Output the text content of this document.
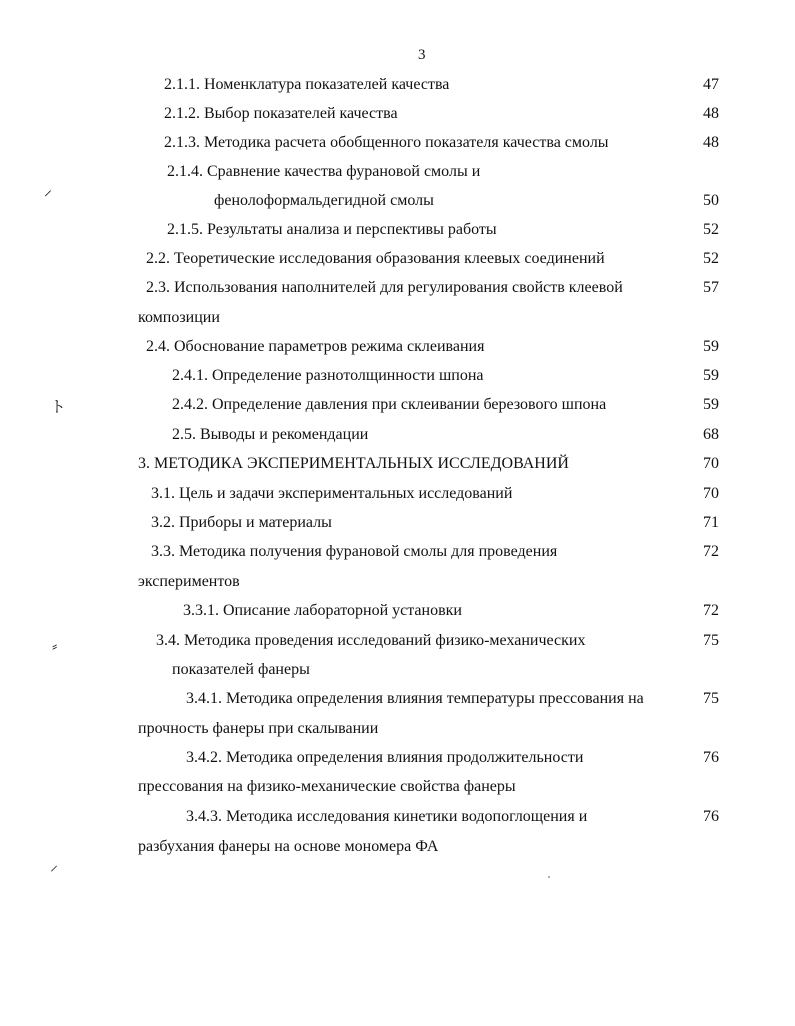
3
2.1.1. Номенклатура показателей качества	47
2.1.2. Выбор показателей качества	48
2.1.3. Методика расчета обобщенного показателя качества смолы	48
2.1.4. Сравнение качества фурановой смолы и
фенолоформальдегидной смолы	50
2.1.5. Результаты анализа и перспективы работы	52
2.2. Теоретические исследования образования клеевых соединений	52
2.3. Использования наполнителей для регулирования свойств клеевой	57
композиции
2.4. Обоснование параметров режима склеивания	59
2.4.1. Определение разнотолщинности шпона	59
2.4.2. Определение давления при склеивании березового шпона	59
2.5. Выводы и рекомендации	68
3. МЕТОДИКА ЭКСПЕРИМЕНТАЛЬНЫХ ИССЛЕДОВАНИЙ	70
3.1. Цель и задачи экспериментальных исследований	70
3.2. Приборы и материалы	71
3.3. Методика получения фурановой смолы для проведения	72
экспериментов
3.3.1. Описание лабораторной установки	72
3.4. Методика проведения исследований физико-механических	75
показателей фанеры
3.4.1. Методика определения влияния температуры прессования на	75
прочность фанеры при скалывании
3.4.2. Методика определения влияния продолжительности	76
прессования на физико-механические свойства фанеры
3.4.3. Методика исследования кинетики водопоглощения и	76
разбухания фанеры на основе мономера ФА
⸝
ト
⸗
⸍
